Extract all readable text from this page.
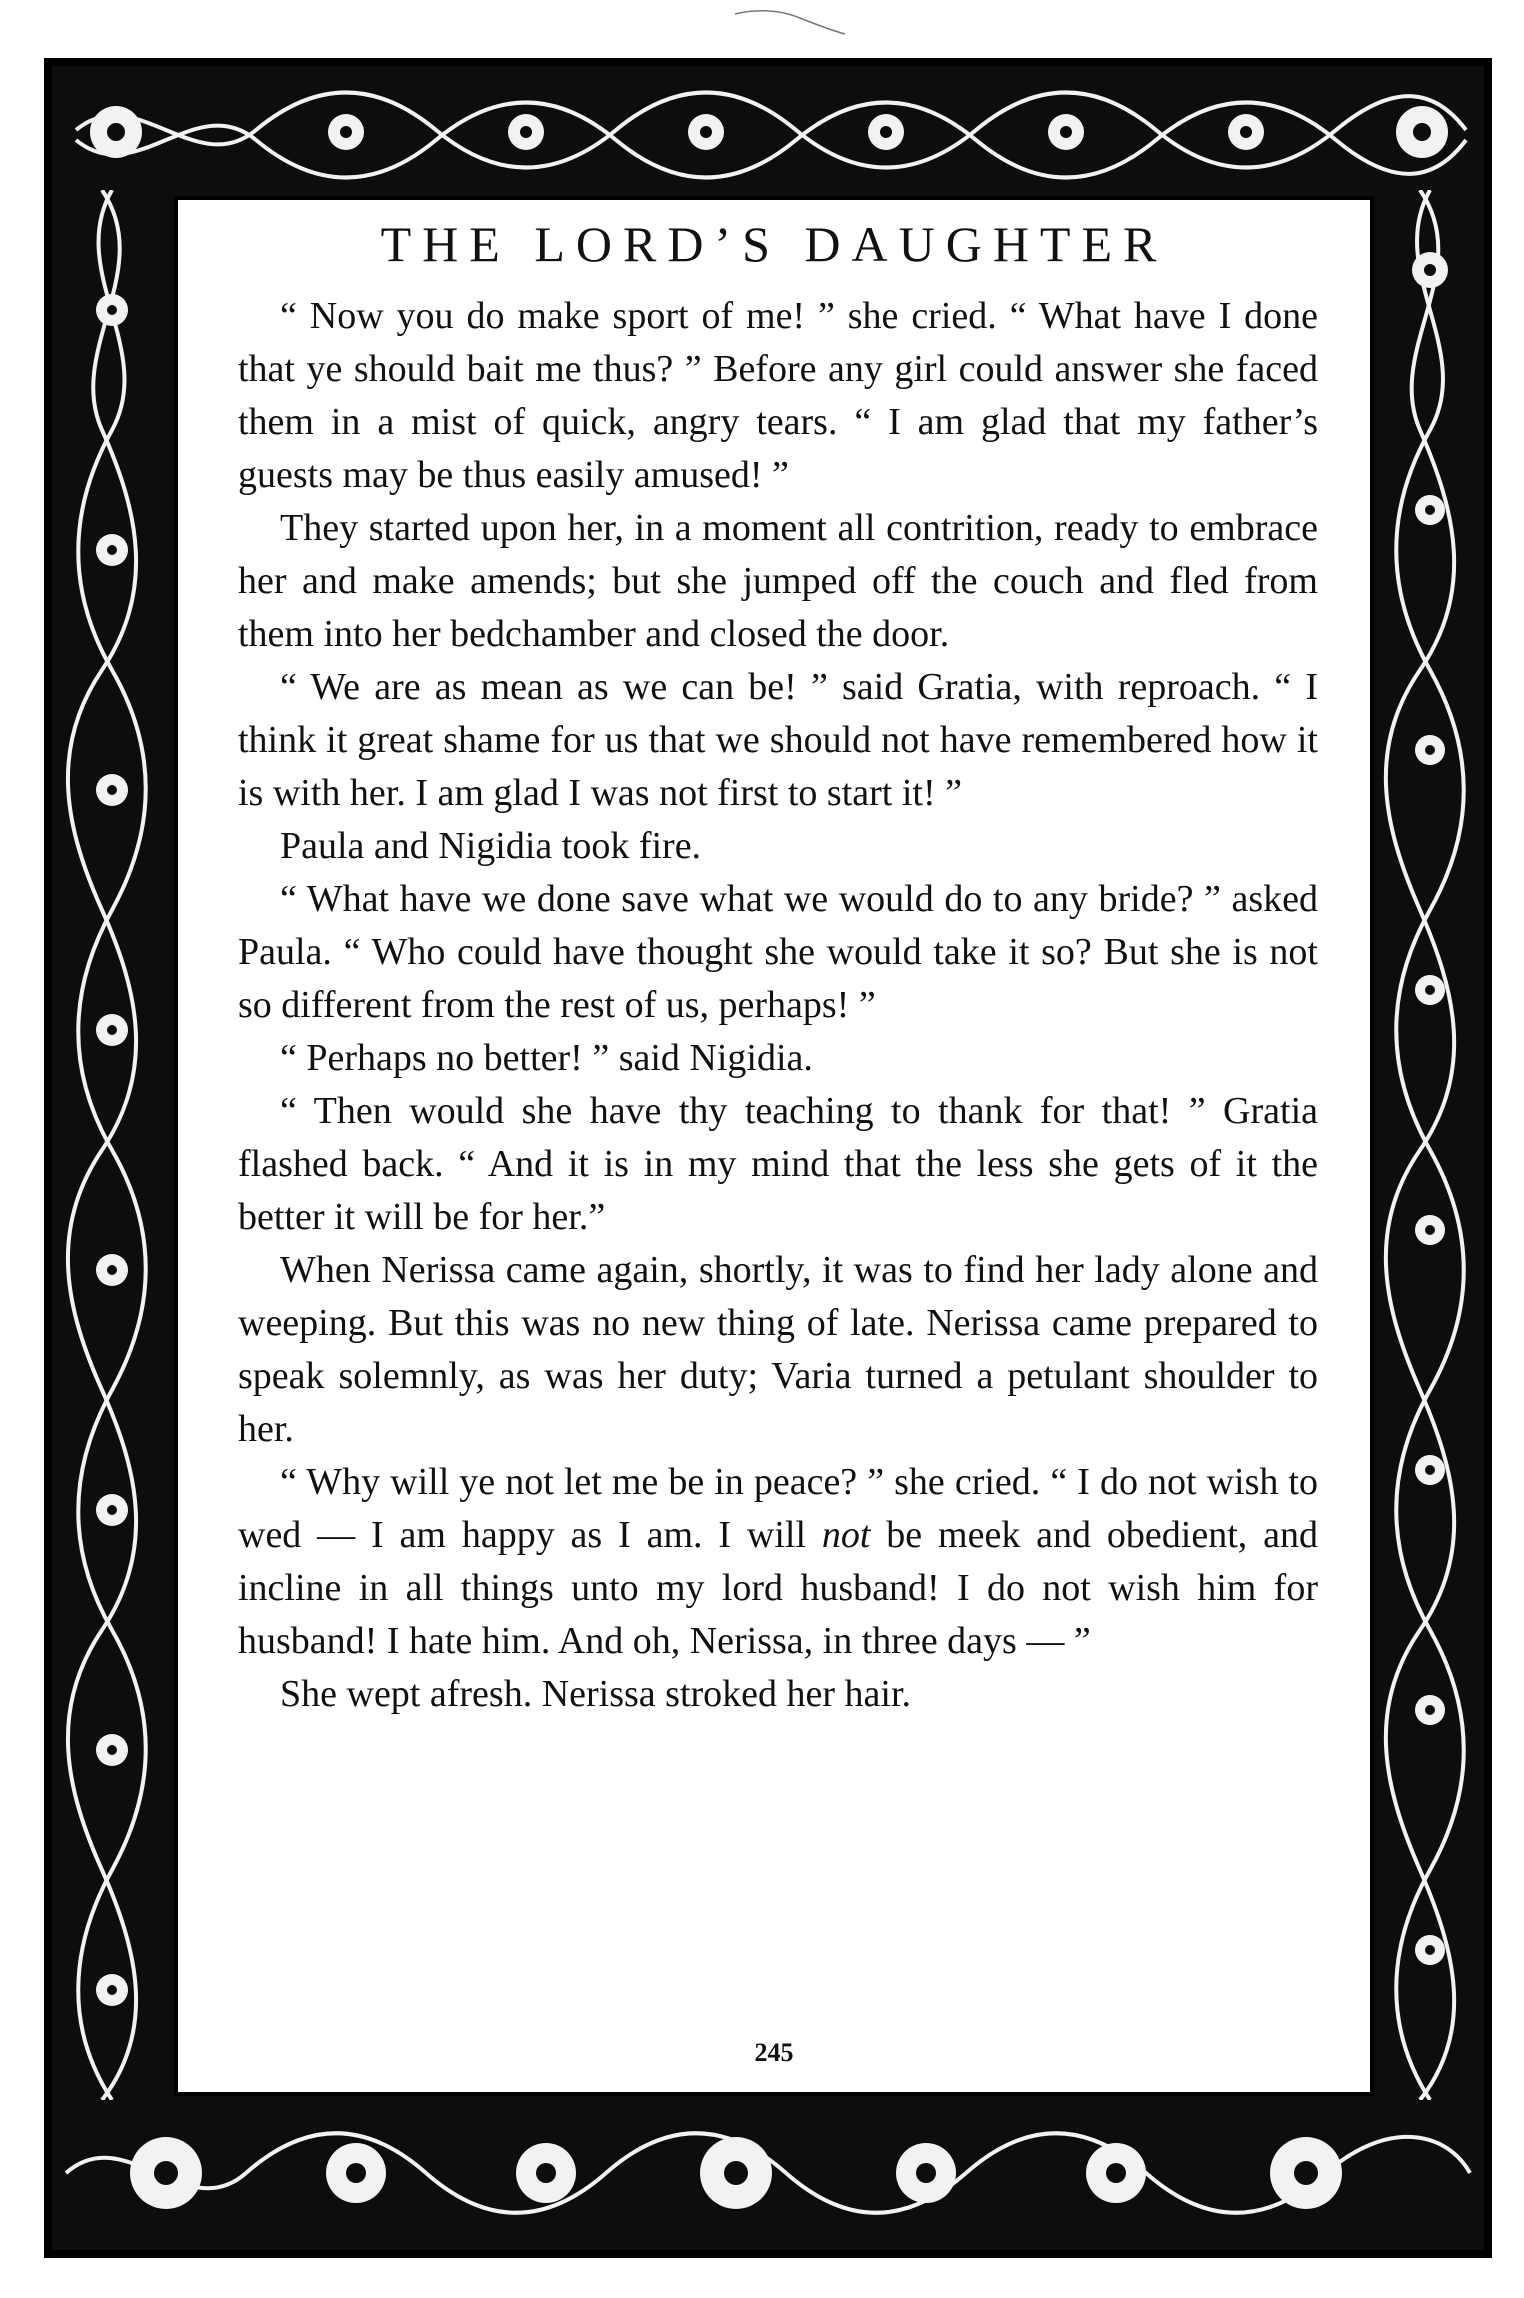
THE LORD’S DAUGHTER

“ Now you do make sport of me! ” she cried. “ What have I done that ye should bait me thus? ” Before any girl could answer she faced them in a mist of quick, angry tears. “ I am glad that my father’s guests may be thus easily amused! ”

They started upon her, in a moment all contrition, ready to embrace her and make amends; but she jumped off the couch and fled from them into her bedchamber and closed the door.

“ We are as mean as we can be! ” said Gratia, with reproach. “ I think it great shame for us that we should not have remembered how it is with her. I am glad I was not first to start it! ”

Paula and Nigidia took fire.

“ What have we done save what we would do to any bride? ” asked Paula. “ Who could have thought she would take it so? But she is not so different from the rest of us, perhaps! ”

“ Perhaps no better! ” said Nigidia.

“ Then would she have thy teaching to thank for that! ” Gratia flashed back. “ And it is in my mind that the less she gets of it the better it will be for her.”

When Nerissa came again, shortly, it was to find her lady alone and weeping. But this was no new thing of late. Nerissa came prepared to speak solemnly, as was her duty; Varia turned a petulant shoulder to her.

“ Why will ye not let me be in peace? ” she cried. “ I do not wish to wed — I am happy as I am. I will not be meek and obedient, and incline in all things unto my lord husband! I do not wish him for husband! I hate him. And oh, Nerissa, in three days — ”

She wept afresh. Nerissa stroked her hair.

245
